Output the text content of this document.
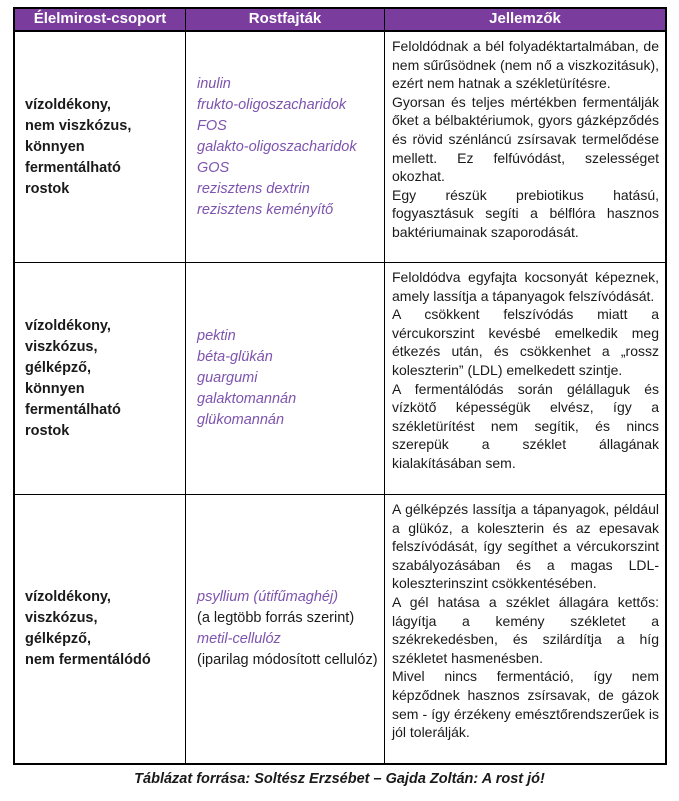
Élelmirost-csoport	Rostfajták	Jellemzők
vízoldékony,
nem viszkózus,
könnyen fermentálható
rostok
inulin
frukto-oligoszacharidok FOS
galakto-oligoszacharidok
GOS
rezisztens dextrin
rezisztens keményítő

Feloldódnak a bél folyadéktartalmában, de nem sűrűsödnek (nem nő a viszkozitásuk), ezért nem hatnak a székletürítésre.

Gyorsan és teljes mértékben fermentálják őket a bélbaktériumok, gyors gázképződés és rövid szénláncú zsírsavak termelődése mellett. Ez felfúvódást, szelességet okozhat.

Egy részük prebiotikus hatású, fogyasztásuk segíti a bélflóra hasznos baktériumainak szaporodását.

vízoldékony,
viszkózus,
gélképző,
könnyen fermentálható
rostok
pektin
béta-glükán
guargumi
galaktomannán
glükomannán

Feloldódva egyfajta kocsonyát képeznek, amely lassítja a tápanyagok felszívódását.

A csökkent felszívódás miatt a vércukorszint kevésbé emelkedik meg étkezés után, és csökkenhet a „rossz koleszterin” (LDL) emelkedett szintje.

A fermentálódás során gélállaguk és vízkötő képességük elvész, így a székletürítést nem segítik, és nincs szerepük a széklet állagának kialakításában sem.

vízoldékony,
viszkózus,
gélképző,
nem fermentálódó
psyllium (útifűmaghéj)
(a legtöbb forrás szerint)
metil-cellulóz
(iparilag módosított cellulóz)

A gélképzés lassítja a tápanyagok, például a glükóz, a koleszterin és az epesavak felszívódását, így segíthet a vércukorszint szabályozásában és a magas LDL-koleszterinszint csökkentésében.

A gél hatása a széklet állagára kettős: lágyítja a kemény székletet a székrekedésben, és szilárdítja a híg székletet hasmenésben.

Mivel nincs fermentáció, így nem képződnek hasznos zsírsavak, de gázok sem - így érzékeny emésztőrendszerűek is jól tolerálják.

Táblázat forrása: Soltész Erzsébet – Gajda Zoltán: A rost jó!
